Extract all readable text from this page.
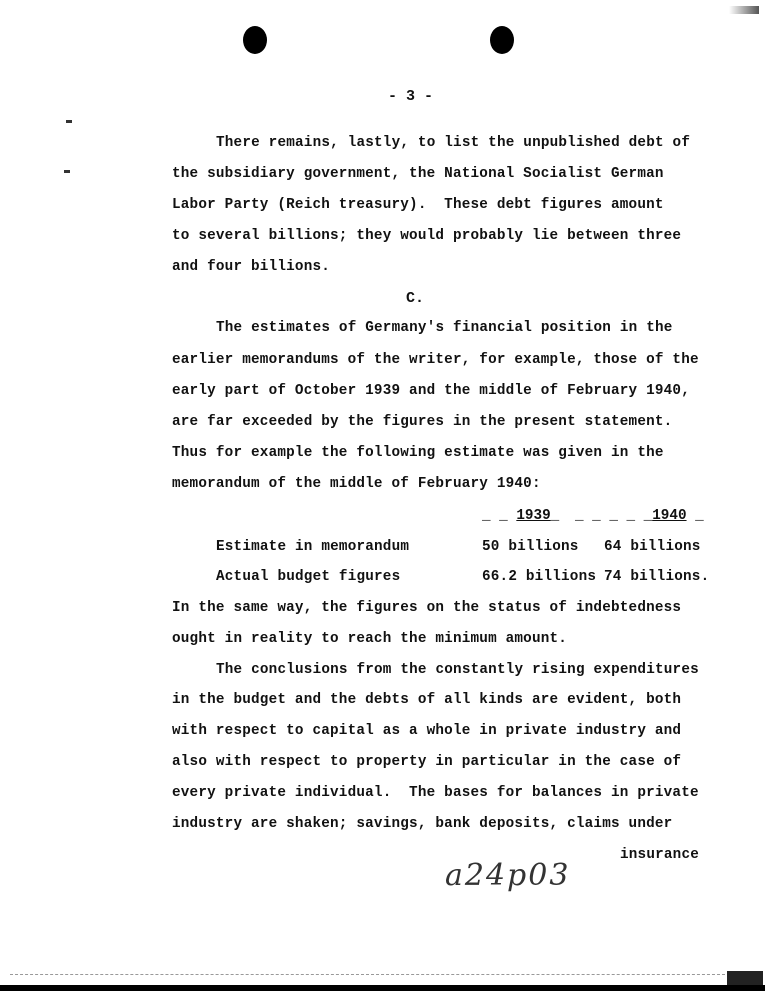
- 3 -
There remains, lastly, to list the unpublished debt of
the subsidiary government, the National Socialist German
Labor Party (Reich treasury).  These debt figures amount
to several billions; they would probably lie between three
and four billions.
C.
The estimates of Germany's financial position in the
earlier memorandums of the writer, for example, those of the
early part of October 1939 and the middle of February 1940,
are far exceeded by the figures in the present statement.
Thus for example the following estimate was given in the
memorandum of the middle of February 1940:
_ _ 1939_ _ _ _ _ _1940 _
Estimate in memorandum	50 billions 64 billions
Actual budget figures	66.2 billions 74 billions.
In the same way, the figures on the status of indebtedness
ought in reality to reach the minimum amount.
The conclusions from the constantly rising expenditures
in the budget and the debts of all kinds are evident, both
with respect to capital as a whole in private industry and
also with respect to property in particular in the case of
every private individual.  The bases for balances in private
industry are shaken; savings, bank deposits, claims under
insurance
a24p03
